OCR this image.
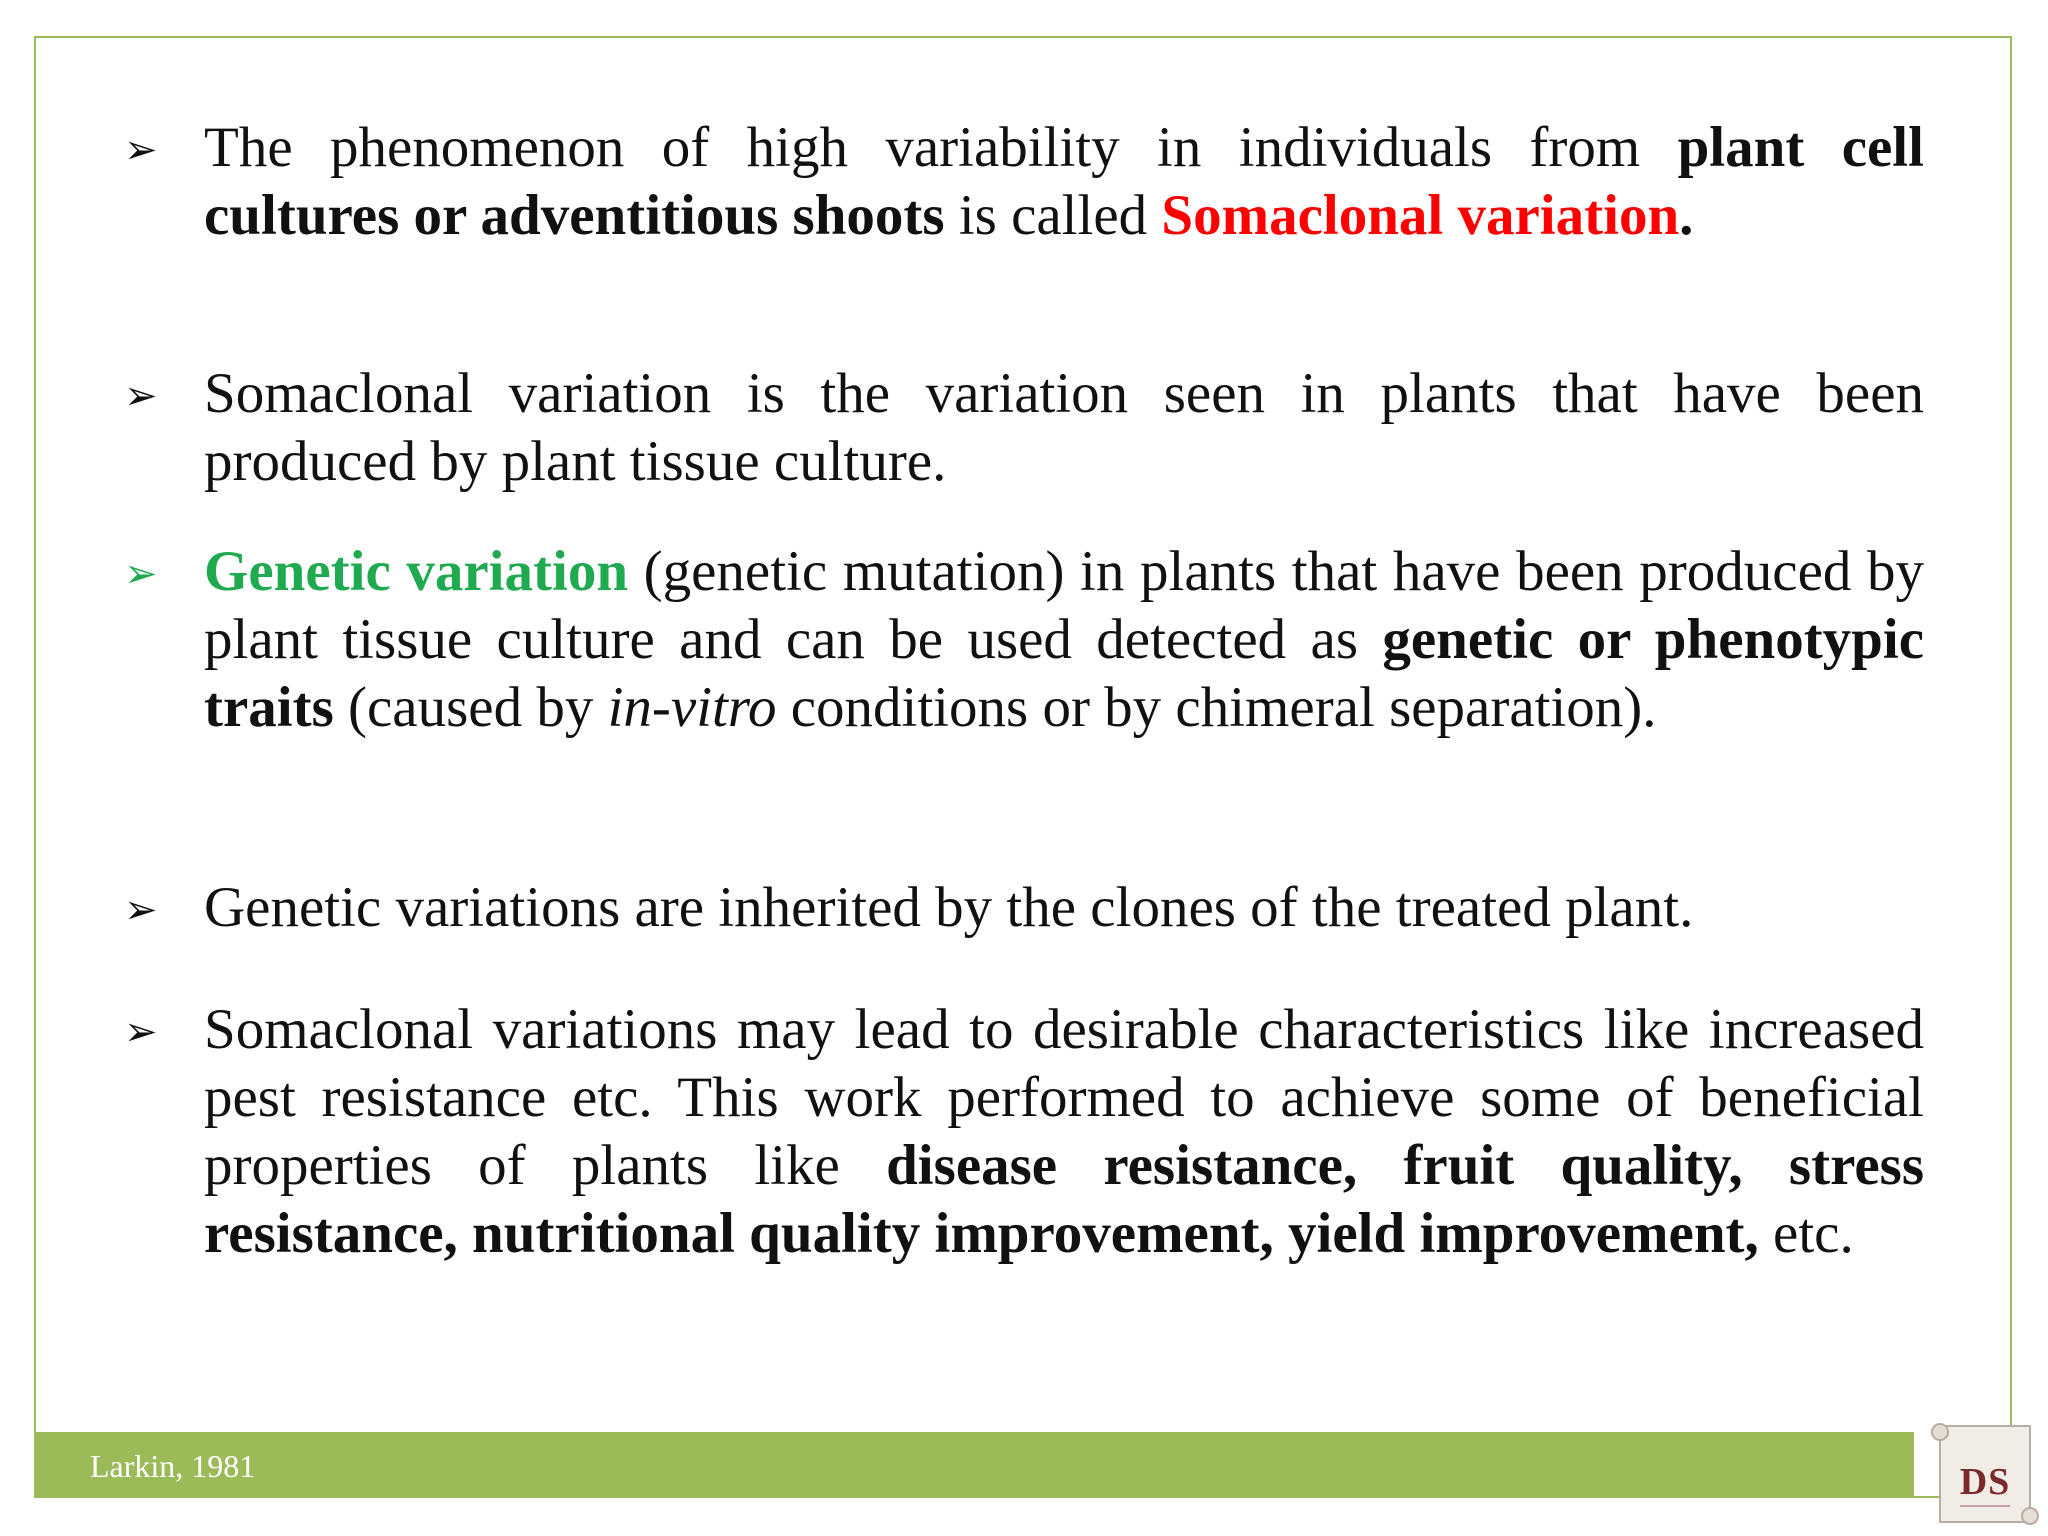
➢ The phenomenon of high variability in individuals from plant cell cultures or adventitious shoots is called Somaclonal variation.
➢ Somaclonal variation is the variation seen in plants that have been produced by plant tissue culture.
➢ Genetic variation (genetic mutation) in plants that have been produced by plant tissue culture and can be used detected as genetic or phenotypic traits (caused by in-vitro conditions or by chimeral separation).
➢ Genetic variations are inherited by the clones of the treated plant.
➢ Somaclonal variations may lead to desirable characteristics like increased pest resistance etc. This work performed to achieve some of beneficial properties of plants like disease resistance, fruit quality, stress resistance, nutritional quality improvement, yield improvement, etc.
Larkin, 1981	DS
